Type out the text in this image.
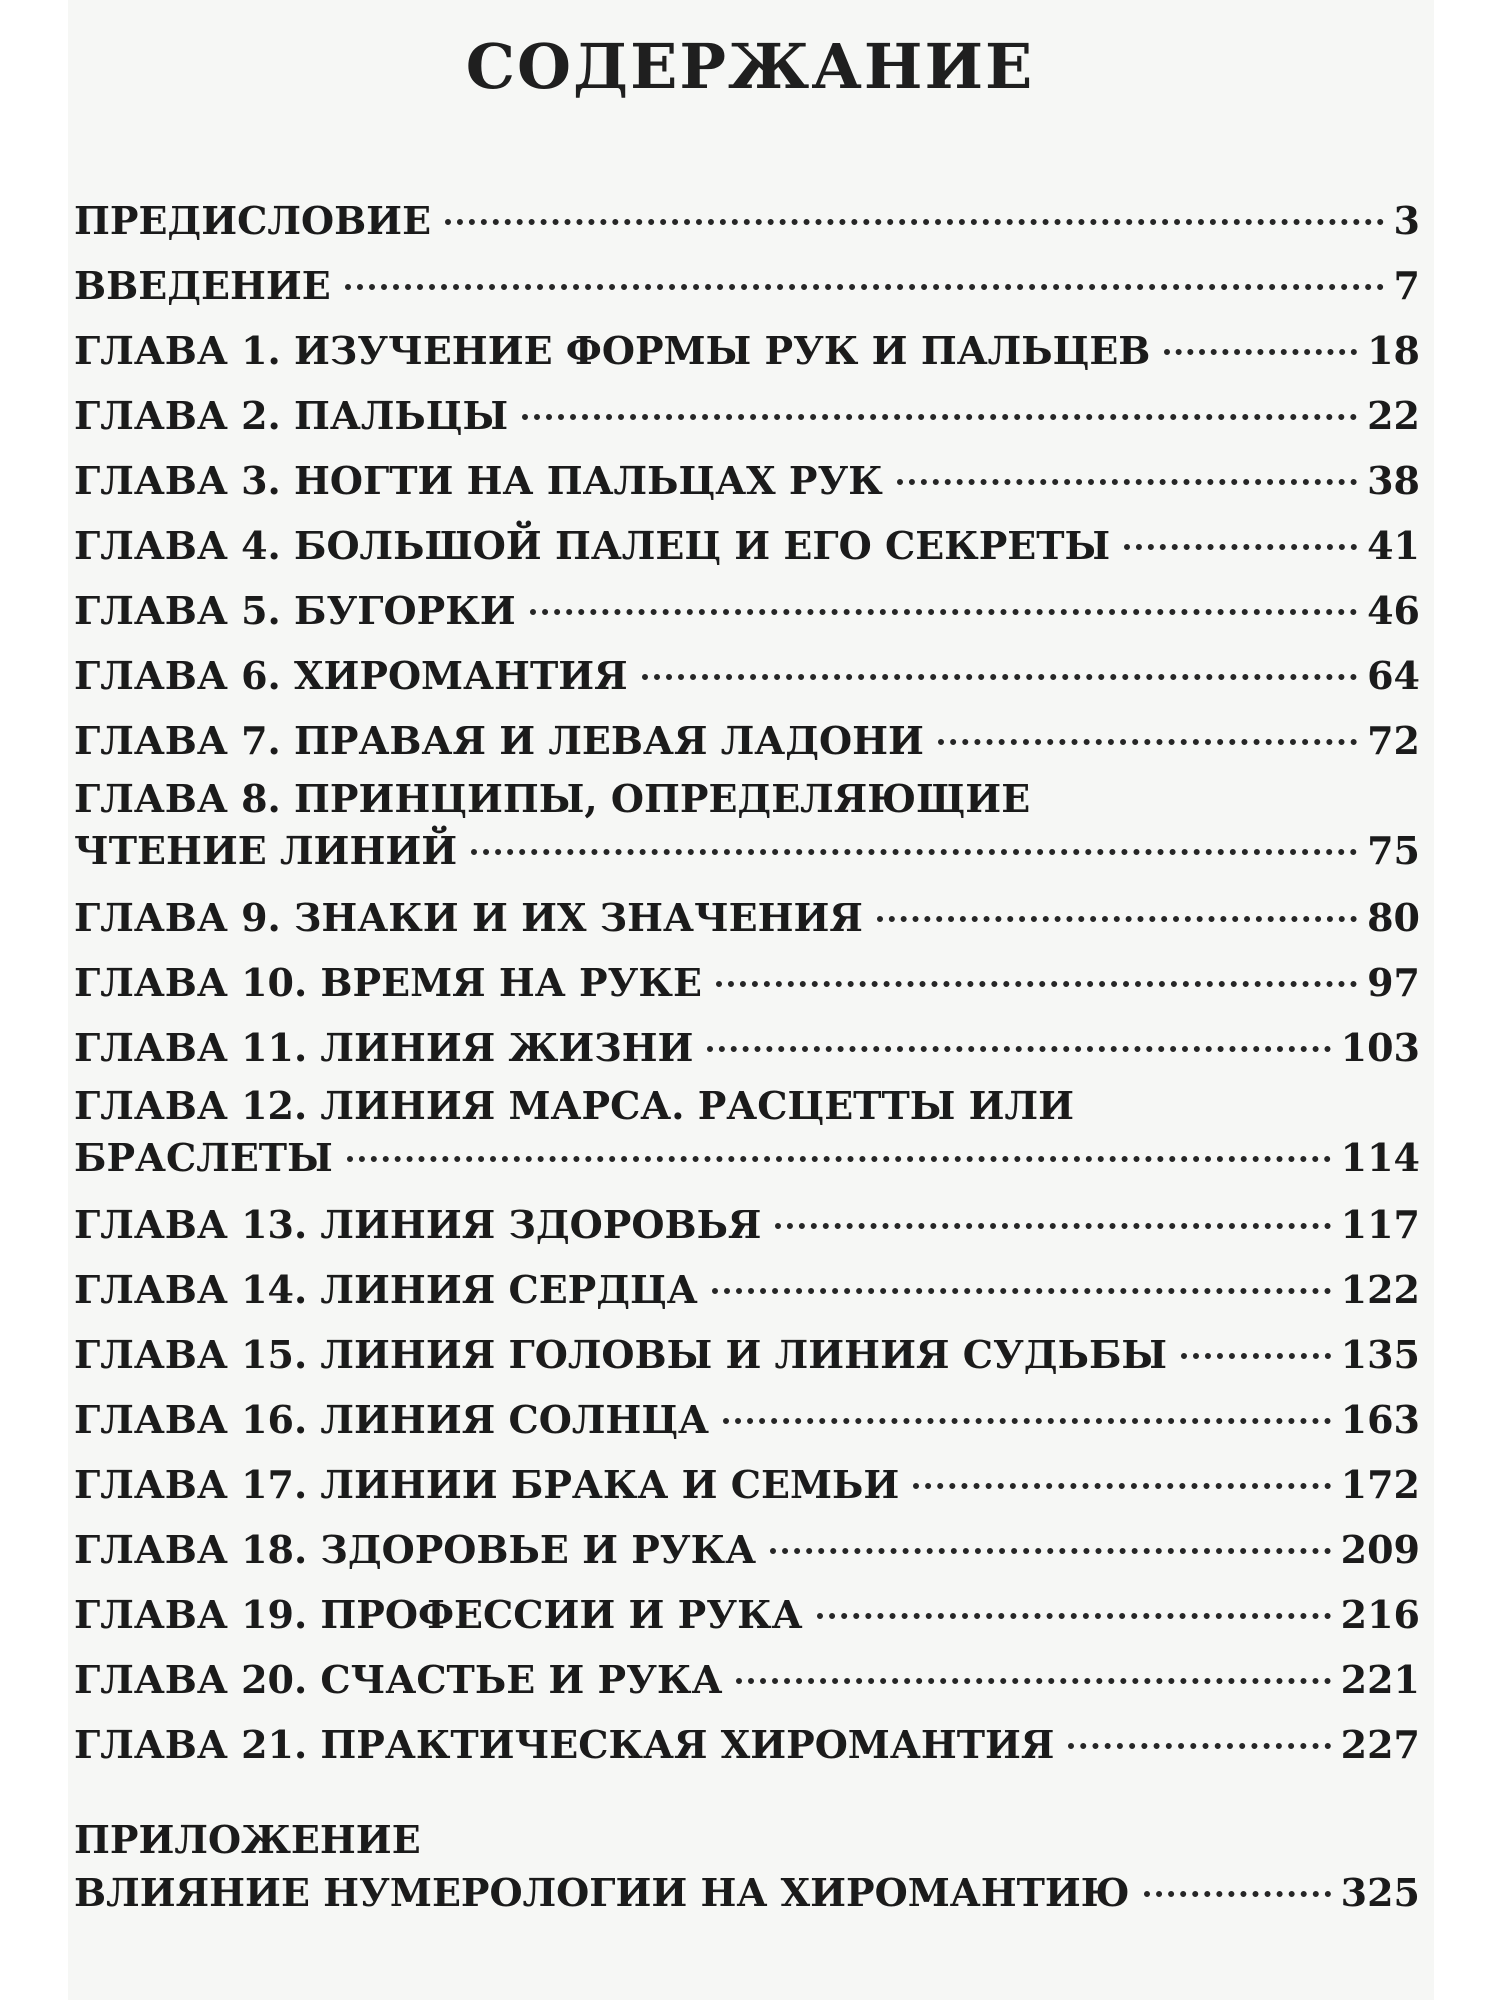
СОДЕРЖАНИЕ
ПРЕДИСЛОВИЕ	3
ВВЕДЕНИЕ	7
ГЛАВА 1. ИЗУЧЕНИЕ ФОРМЫ РУК И ПАЛЬЦЕВ	18
ГЛАВА 2. ПАЛЬЦЫ	22
ГЛАВА 3. НОГТИ НА ПАЛЬЦАХ РУК	38
ГЛАВА 4. БОЛЬШОЙ ПАЛЕЦ И ЕГО СЕКРЕТЫ	41
ГЛАВА 5. БУГОРКИ	46
ГЛАВА 6. ХИРОМАНТИЯ	64
ГЛАВА 7. ПРАВАЯ И ЛЕВАЯ ЛАДОНИ	72
ГЛАВА 8. ПРИНЦИПЫ, ОПРЕДЕЛЯЮЩИЕ
ЧТЕНИЕ ЛИНИЙ	75
ГЛАВА 9. ЗНАКИ И ИХ ЗНАЧЕНИЯ	80
ГЛАВА 10. ВРЕМЯ НА РУКЕ	97
ГЛАВА 11. ЛИНИЯ ЖИЗНИ	103
ГЛАВА 12. ЛИНИЯ МАРСА. РАСЦЕТТЫ ИЛИ
БРАСЛЕТЫ	114
ГЛАВА 13. ЛИНИЯ ЗДОРОВЬЯ	117
ГЛАВА 14. ЛИНИЯ СЕРДЦА	122
ГЛАВА 15. ЛИНИЯ ГОЛОВЫ И ЛИНИЯ СУДЬБЫ	135
ГЛАВА 16. ЛИНИЯ СОЛНЦА	163
ГЛАВА 17. ЛИНИИ БРАКА И СЕМЬИ	172
ГЛАВА 18. ЗДОРОВЬЕ И РУКА	209
ГЛАВА 19. ПРОФЕССИИ И РУКА	216
ГЛАВА 20. СЧАСТЬЕ И РУКА	221
ГЛАВА 21. ПРАКТИЧЕСКАЯ ХИРОМАНТИЯ	227
ПРИЛОЖЕНИЕ
ВЛИЯНИЕ НУМЕРОЛОГИИ НА ХИРОМАНТИЮ	325
